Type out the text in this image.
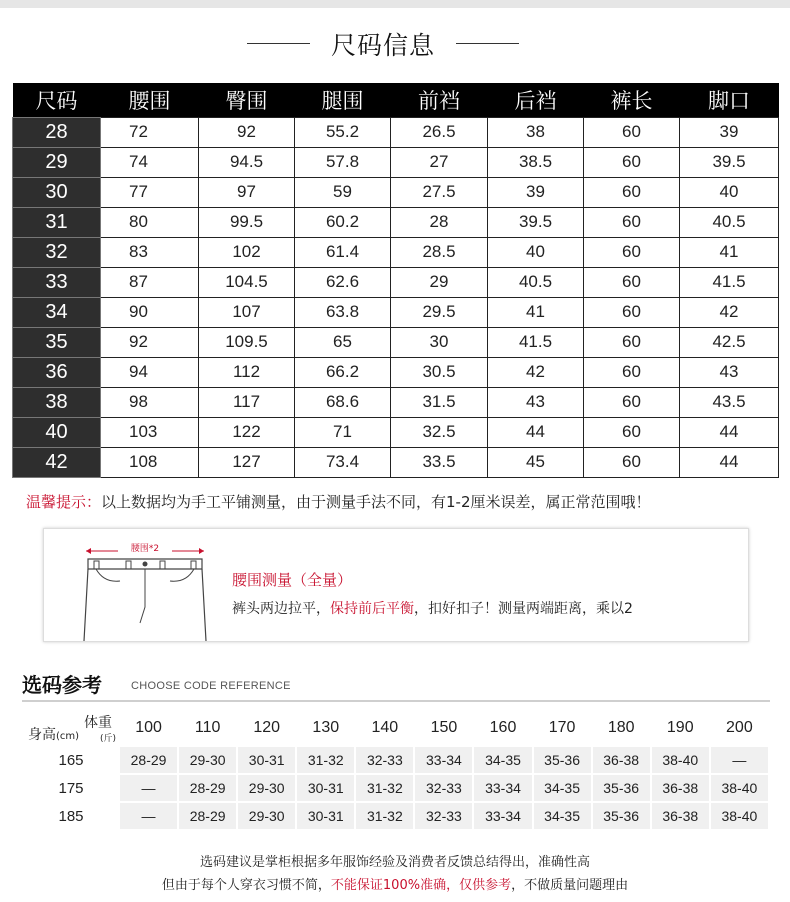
尺码信息
尺码	腰围	臀围	腿围	前裆	后裆	裤长	脚口
28	72	92	55.2	26.5	38	60	39
29	74	94.5	57.8	27	38.5	60	39.5
30	77	97	59	27.5	39	60	40
31	80	99.5	60.2	28	39.5	60	40.5
32	83	102	61.4	28.5	40	60	41
33	87	104.5	62.6	29	40.5	60	41.5
34	90	107	63.8	29.5	41	60	42
35	92	109.5	65	30	41.5	60	42.5
36	94	112	66.2	30.5	42	60	43
38	98	117	68.6	31.5	43	60	43.5
40	103	122	71	32.5	44	60	44
42	108	127	73.4	33.5	45	60	44
温馨提示：以上数据均为手工平铺测量，由于测量手法不同，有1-2厘米误差，属正常范围哦！
腰围*2
腰围测量（全量）
裤头两边拉平，保持前后平衡，扣好扣子！测量两端距离，乘以2
选码参考	CHOOSE CODE REFERENCE
体重
(斤)
身高(cm)	100	110	120	130	140	150	160	170	180	190	200
165	28-29	29-30	30-31	31-32	32-33	33-34	34-35	35-36	36-38	38-40	—
175	—	28-29	29-30	30-31	31-32	32-33	33-34	34-35	35-36	36-38	38-40
185	—	28-29	29-30	30-31	31-32	32-33	33-34	34-35	35-36	36-38	38-40
选码建议是掌柜根据多年服饰经验及消费者反馈总结得出，准确性高
但由于每个人穿衣习惯不简，不能保证100%准确，仅供参考，不做质量问题理由
